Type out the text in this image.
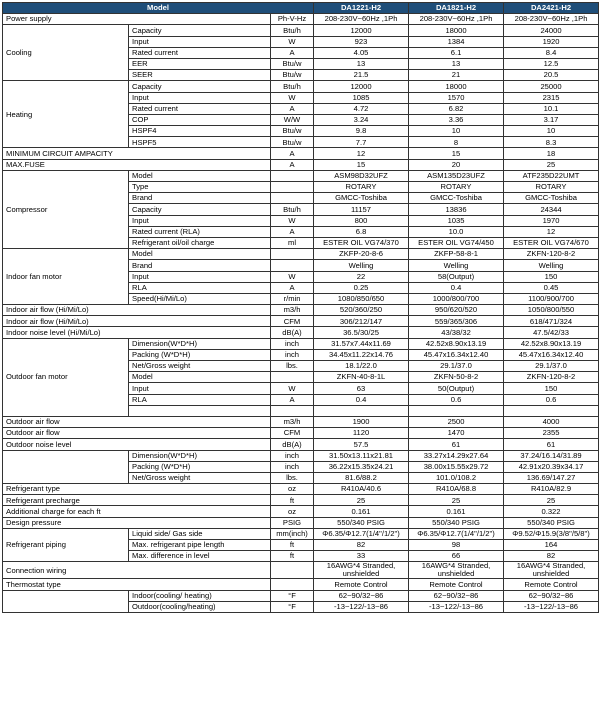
Model			DA1221-H2	DA1821-H2	DA2421-H2
Power supply		Ph-V-Hz	208-230V~60Hz ,1Ph	208-230V~60Hz ,1Ph	208-230V~60Hz ,1Ph
Cooling	Capacity	Btu/h	12000	18000	24000
	Input	W	923	1384	1920
	Rated current	A	4.05	6.1	8.4
	EER	Btu/w	13	13	12.5
	SEER	Btu/w	21.5	21	20.5
Heating	Capacity	Btu/h	12000	18000	25000
	Input	W	1085	1570	2315
	Rated current	A	4.72	6.82	10.1
	COP	W/W	3.24	3.36	3.17
	HSPF4	Btu/w	9.8	10	10
	HSPF5	Btu/w	7.7	8	8.3
MINIMUM CIRCUIT AMPACITY		A	12	15	18
MAX.FUSE		A	15	20	25
Compressor	Model		ASM98D32UFZ	ASM135D23UFZ	ATF235D22UMT
	Type		ROTARY	ROTARY	ROTARY
	Brand		GMCC-Toshiba	GMCC-Toshiba	GMCC-Toshiba
	Capacity	Btu/h	11157	13836	24344
	Input	W	800	1035	1970
	Rated current (RLA)	A	6.8	10.0	12
	Refrigerant oil/oil charge	ml	ESTER OIL VG74/370	ESTER OIL VG74/450	ESTER OIL VG74/670
Indoor fan motor	Model		ZKFP-20-8-6	ZKFP-58-8-1	ZKFN-120-8-2
	Brand		Welling	Welling	Welling
	Input	W	22	58(Output)	150
	RLA	A	0.25	0.4	0.45
	Speed(Hi/Mi/Lo)	r/min	1080/850/650	1000/800/700	1100/900/700
Indoor air flow (Hi/Mi/Lo)		m3/h	520/360/250	950/620/520	1050/800/550
Indoor air flow (Hi/Mi/Lo)		CFM	306/212/147	559/365/306	618/471/324
Indoor noise level (Hi/Mi/Lo)		dB(A)	36.5/30/25	43/38/32	47.5/42/33
Outdoor fan motor	Dimension(W*D*H)	inch	31.57x7.44x11.69	42.52x8.90x13.19	42.52x8.90x13.19
	Packing (W*D*H)	inch	34.45x11.22x14.76	45.47x16.34x12.40	45.47x16.34x12.40
	Net/Gross weight	lbs.	18.1/22.0	29.1/37.0	29.1/37.0
	Model		ZKFN-40-8-1L	ZKFN-50-8-2	ZKFN-120-8-2
	Input	W	63	50(Output)	150
	RLA	A	0.4	0.6	0.6

Outdoor air flow		m3/h	1900	2500	4000
Outdoor air flow		CFM	1120	1470	2355
Outdoor noise level		dB(A)	57.5	61	61
	Dimension(W*D*H)	inch	31.50x13.11x21.81	33.27x14.29x27.64	37.24/16.14/31.89
	Packing (W*D*H)	inch	36.22x15.35x24.21	38.00x15.55x29.72	42.91x20.39x34.17
	Net/Gross weight	lbs.	81.6/88.2	101.0/108.2	136.69/147.27
Refrigerant type		oz	R410A/40.6	R410A/68.8	R410A/82.9
Refrigerant precharge		ft	25	25	25
Additional charge for each ft		oz	0.161	0.161	0.322
Design pressure		PSIG	550/340 PSIG	550/340 PSIG	550/340 PSIG
Refrigerant piping	Liquid side/ Gas side	mm(inch)	Φ6.35/Φ12.7(1/4"/1/2")	Φ6.35/Φ12.7(1/4"/1/2")	Φ9.52/Φ15.9(3/8"/5/8")
	Max. refrigerant pipe length	ft	82	98	164
	Max. difference in level	ft	33	66	82
Connection wiring			16AWG*4 Stranded, unshielded	16AWG*4 Stranded, unshielded	16AWG*4 Stranded, unshielded
Thermostat type			Remote Control	Remote Control	Remote Control
	Indoor(cooling/ heating)	°F	62~90/32~86	62~90/32~86	62~90/32~86
	Outdoor(cooling/heating)	°F	-13~122/-13~86	-13~122/-13~86	-13~122/-13~86
